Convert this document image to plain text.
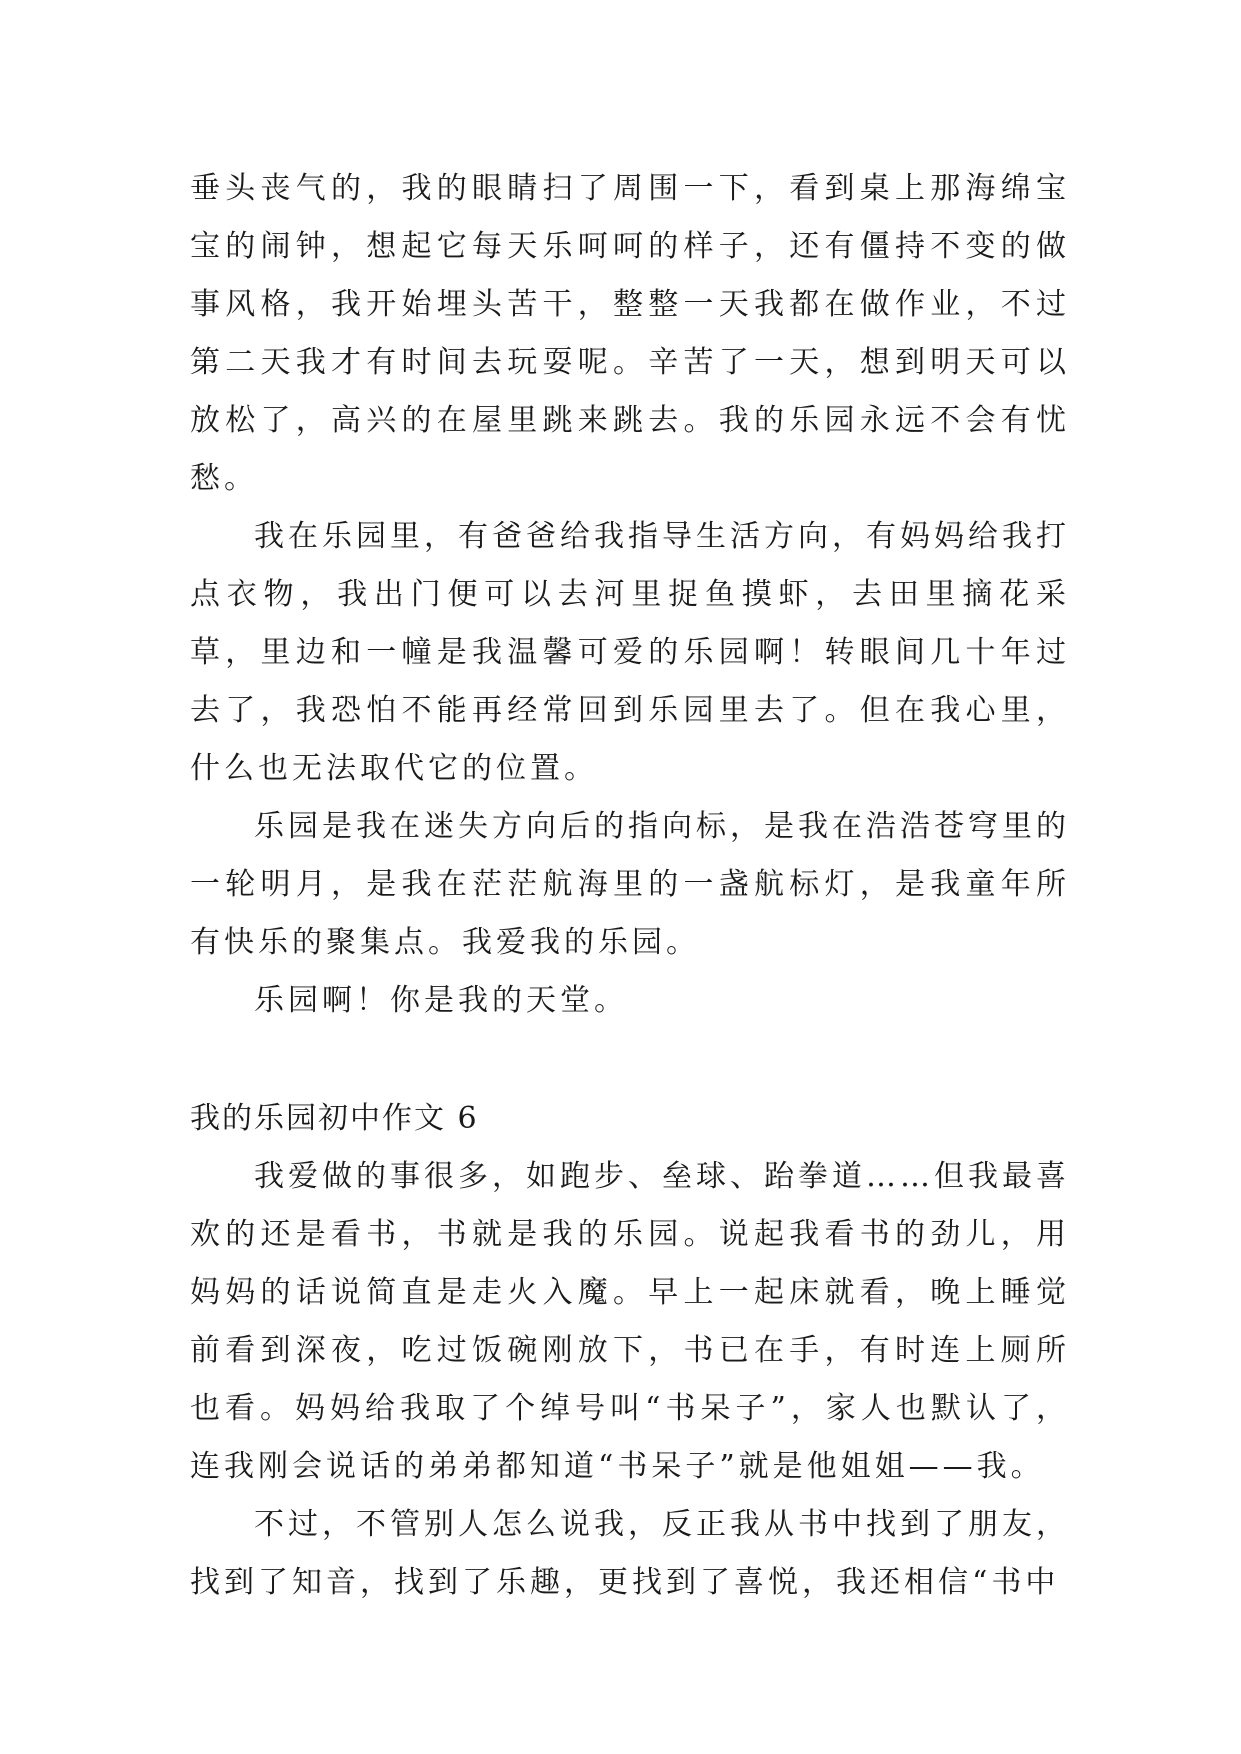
垂头丧气的，我的眼睛扫了周围一下，看到桌上那海绵宝宝的闹钟，想起它每天乐呵呵的样子，还有僵持不变的做事风格，我开始埋头苦干，整整一天我都在做作业，不过第二天我才有时间去玩耍呢。辛苦了一天，想到明天可以放松了，高兴的在屋里跳来跳去。我的乐园永远不会有忧愁。

我在乐园里，有爸爸给我指导生活方向，有妈妈给我打点衣物，我出门便可以去河里捉鱼摸虾，去田里摘花采草，里边和一幢是我温馨可爱的乐园啊！转眼间几十年过去了，我恐怕不能再经常回到乐园里去了。但在我心里，什么也无法取代它的位置。

乐园是我在迷失方向后的指向标，是我在浩浩苍穹里的一轮明月，是我在茫茫航海里的一盏航标灯，是我童年所有快乐的聚集点。我爱我的乐园。

乐园啊！你是我的天堂。

我的乐园初中作文 6

我爱做的事很多，如跑步、垒球、跆拳道……但我最喜欢的还是看书，书就是我的乐园。说起我看书的劲儿，用妈妈的话说简直是走火入魔。早上一起床就看，晚上睡觉前看到深夜，吃过饭碗刚放下，书已在手，有时连上厕所也看。妈妈给我取了个绰号叫“书呆子”，家人也默认了，连我刚会说话的弟弟都知道“书呆子”就是他姐姐——我。

不过，不管别人怎么说我，反正我从书中找到了朋友，找到了知音，找到了乐趣，更找到了喜悦，我还相信“书中
